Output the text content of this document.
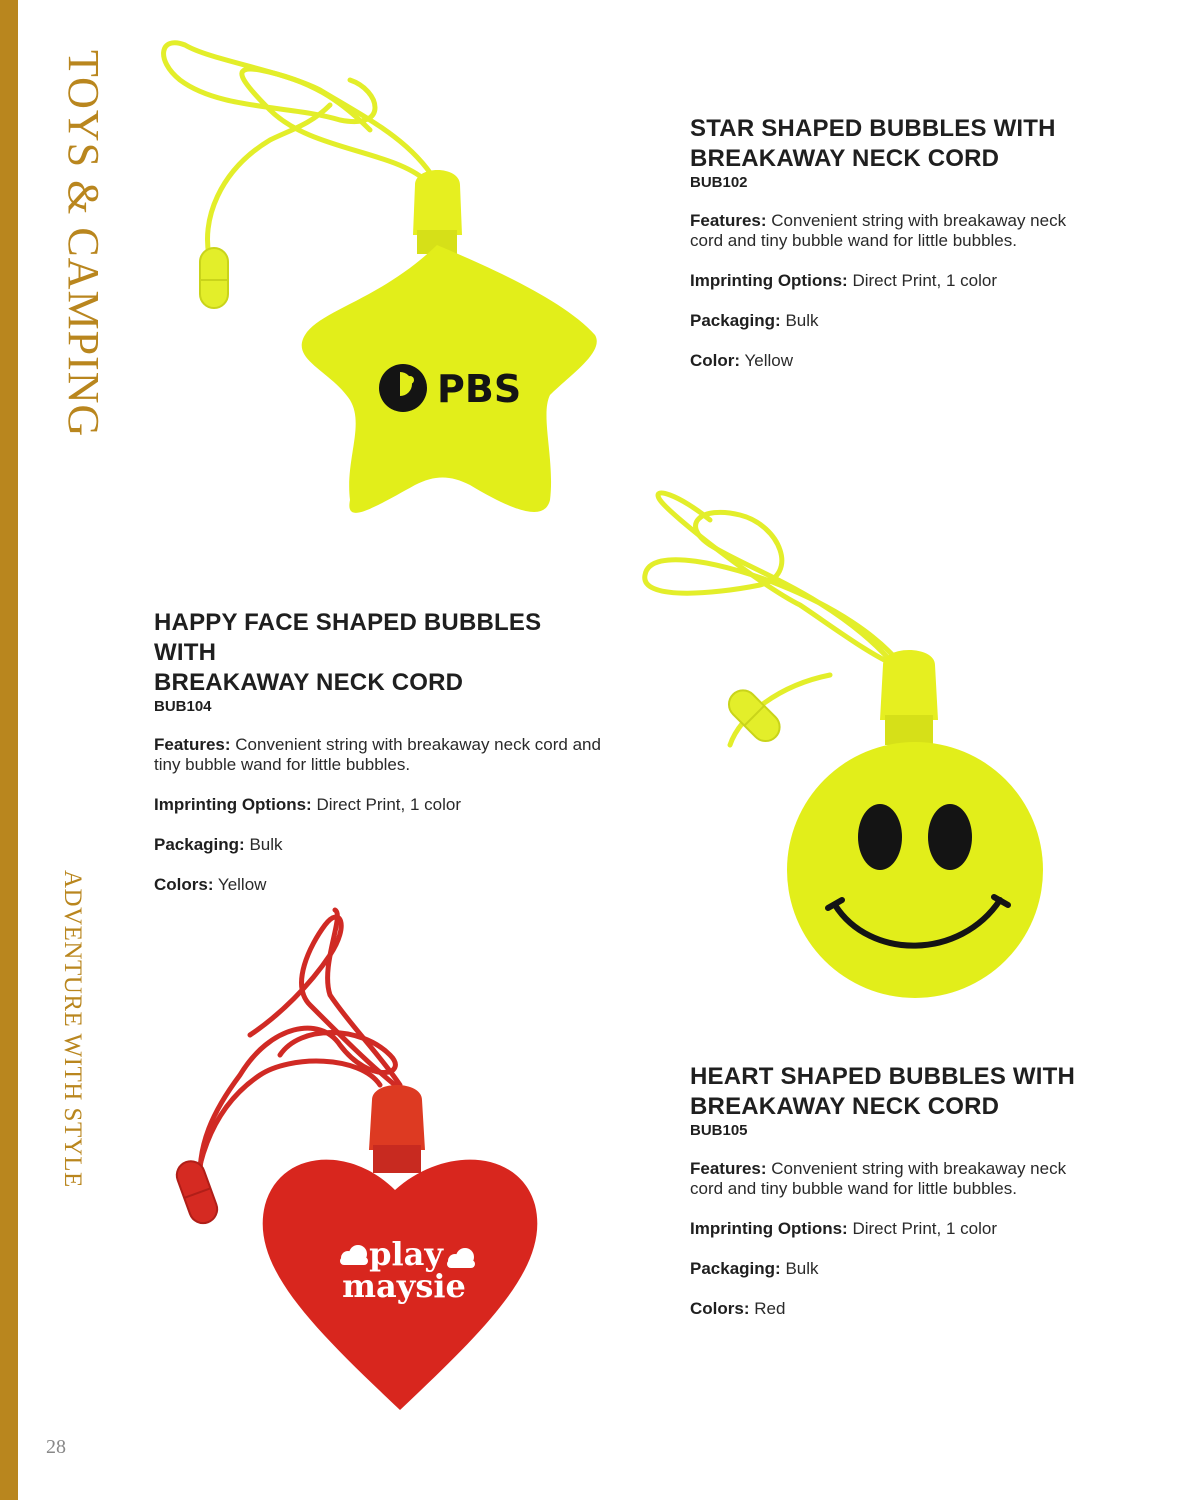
TOYS & CAMPING
ADVENTURE WITH STYLE
28
PBS
STAR SHAPED BUBBLES WITH
BREAKAWAY NECK CORD
BUB102

Features: Convenient string with breakaway neck cord and tiny bubble wand for little bubbles.

Imprinting Options: Direct Print, 1 color

Packaging: Bulk

Color: Yellow

HAPPY FACE SHAPED BUBBLES WITH
BREAKAWAY NECK CORD
BUB104

Features: Convenient string with breakaway neck cord and tiny bubble wand for little bubbles.

Imprinting Options: Direct Print, 1 color

Packaging: Bulk

Colors: Yellow

play
maysie
HEART SHAPED BUBBLES WITH
BREAKAWAY NECK CORD
BUB105

Features: Convenient string with breakaway neck cord and tiny bubble wand for little bubbles.

Imprinting Options: Direct Print, 1 color

Packaging: Bulk

Colors: Red
